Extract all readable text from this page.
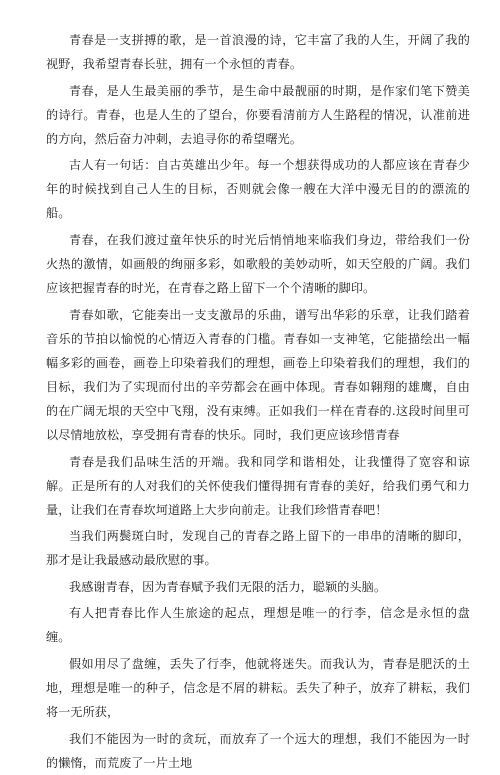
青春是一支拼搏的歌，是一首浪漫的诗，它丰富了我的人生，开阔了我的视野，我希望青春长驻，拥有一个永恒的青春。

青春，是人生最美丽的季节，是生命中最靓丽的时期，是作家们笔下赞美的诗行。青春，也是人生的了望台，你要看清前方人生路程的情况，认准前进的方向，然后奋力冲刺，去追寻你的希望曙光。

古人有一句话：自古英雄出少年。每一个想获得成功的人都应该在青春少年的时候找到自己人生的目标，否则就会像一艘在大洋中漫无目的的漂流的船。

青春，在我们渡过童年快乐的时光后悄悄地来临我们身边，带给我们一份火热的激情，如画般的绚丽多彩，如歌般的美妙动听，如天空般的广阔。我们应该把握青春的时光，在青春之路上留下一个个清晰的脚印。

青春如歌，它能奏出一支支激昂的乐曲，谱写出华彩的乐章，让我们踏着音乐的节拍以愉悦的心情迈入青春的门槛。青春如一支神笔，它能描绘出一幅幅多彩的画卷，画卷上印染着我们的理想，画卷上印染着我们的理想，我们的目标，我们为了实现而付出的辛劳都会在画中体现。青春如翱翔的雄鹰，自由的在广阔无垠的天空中飞翔，没有束缚。正如我们一样在青春的.这段时间里可以尽情地放松，享受拥有青春的快乐。同时，我们更应该珍惜青春

青春是我们品味生活的开端。我和同学和谐相处，让我懂得了宽容和谅解。正是所有的人对我们的关怀使我们懂得拥有青春的美好，给我们勇气和力量，让我们在青春坎坷道路上大步向前走。让我们珍惜青春吧！

当我们两鬓斑白时，发现自己的青春之路上留下的一串串的清晰的脚印，那才是让我最感动最欣慰的事。

我感谢青春，因为青春赋予我们无限的活力，聪颖的头脑。

有人把青春比作人生旅途的起点，理想是唯一的行李，信念是永恒的盘缠。

假如用尽了盘缠，丢失了行李，他就将迷失。而我认为，青春是肥沃的土地，理想是唯一的种子，信念是不屑的耕耘。丢失了种子，放弃了耕耘，我们将一无所获，

我们不能因为一时的贪玩，而放弃了一个远大的理想，我们不能因为一时的懒惰，而荒废了一片土地
